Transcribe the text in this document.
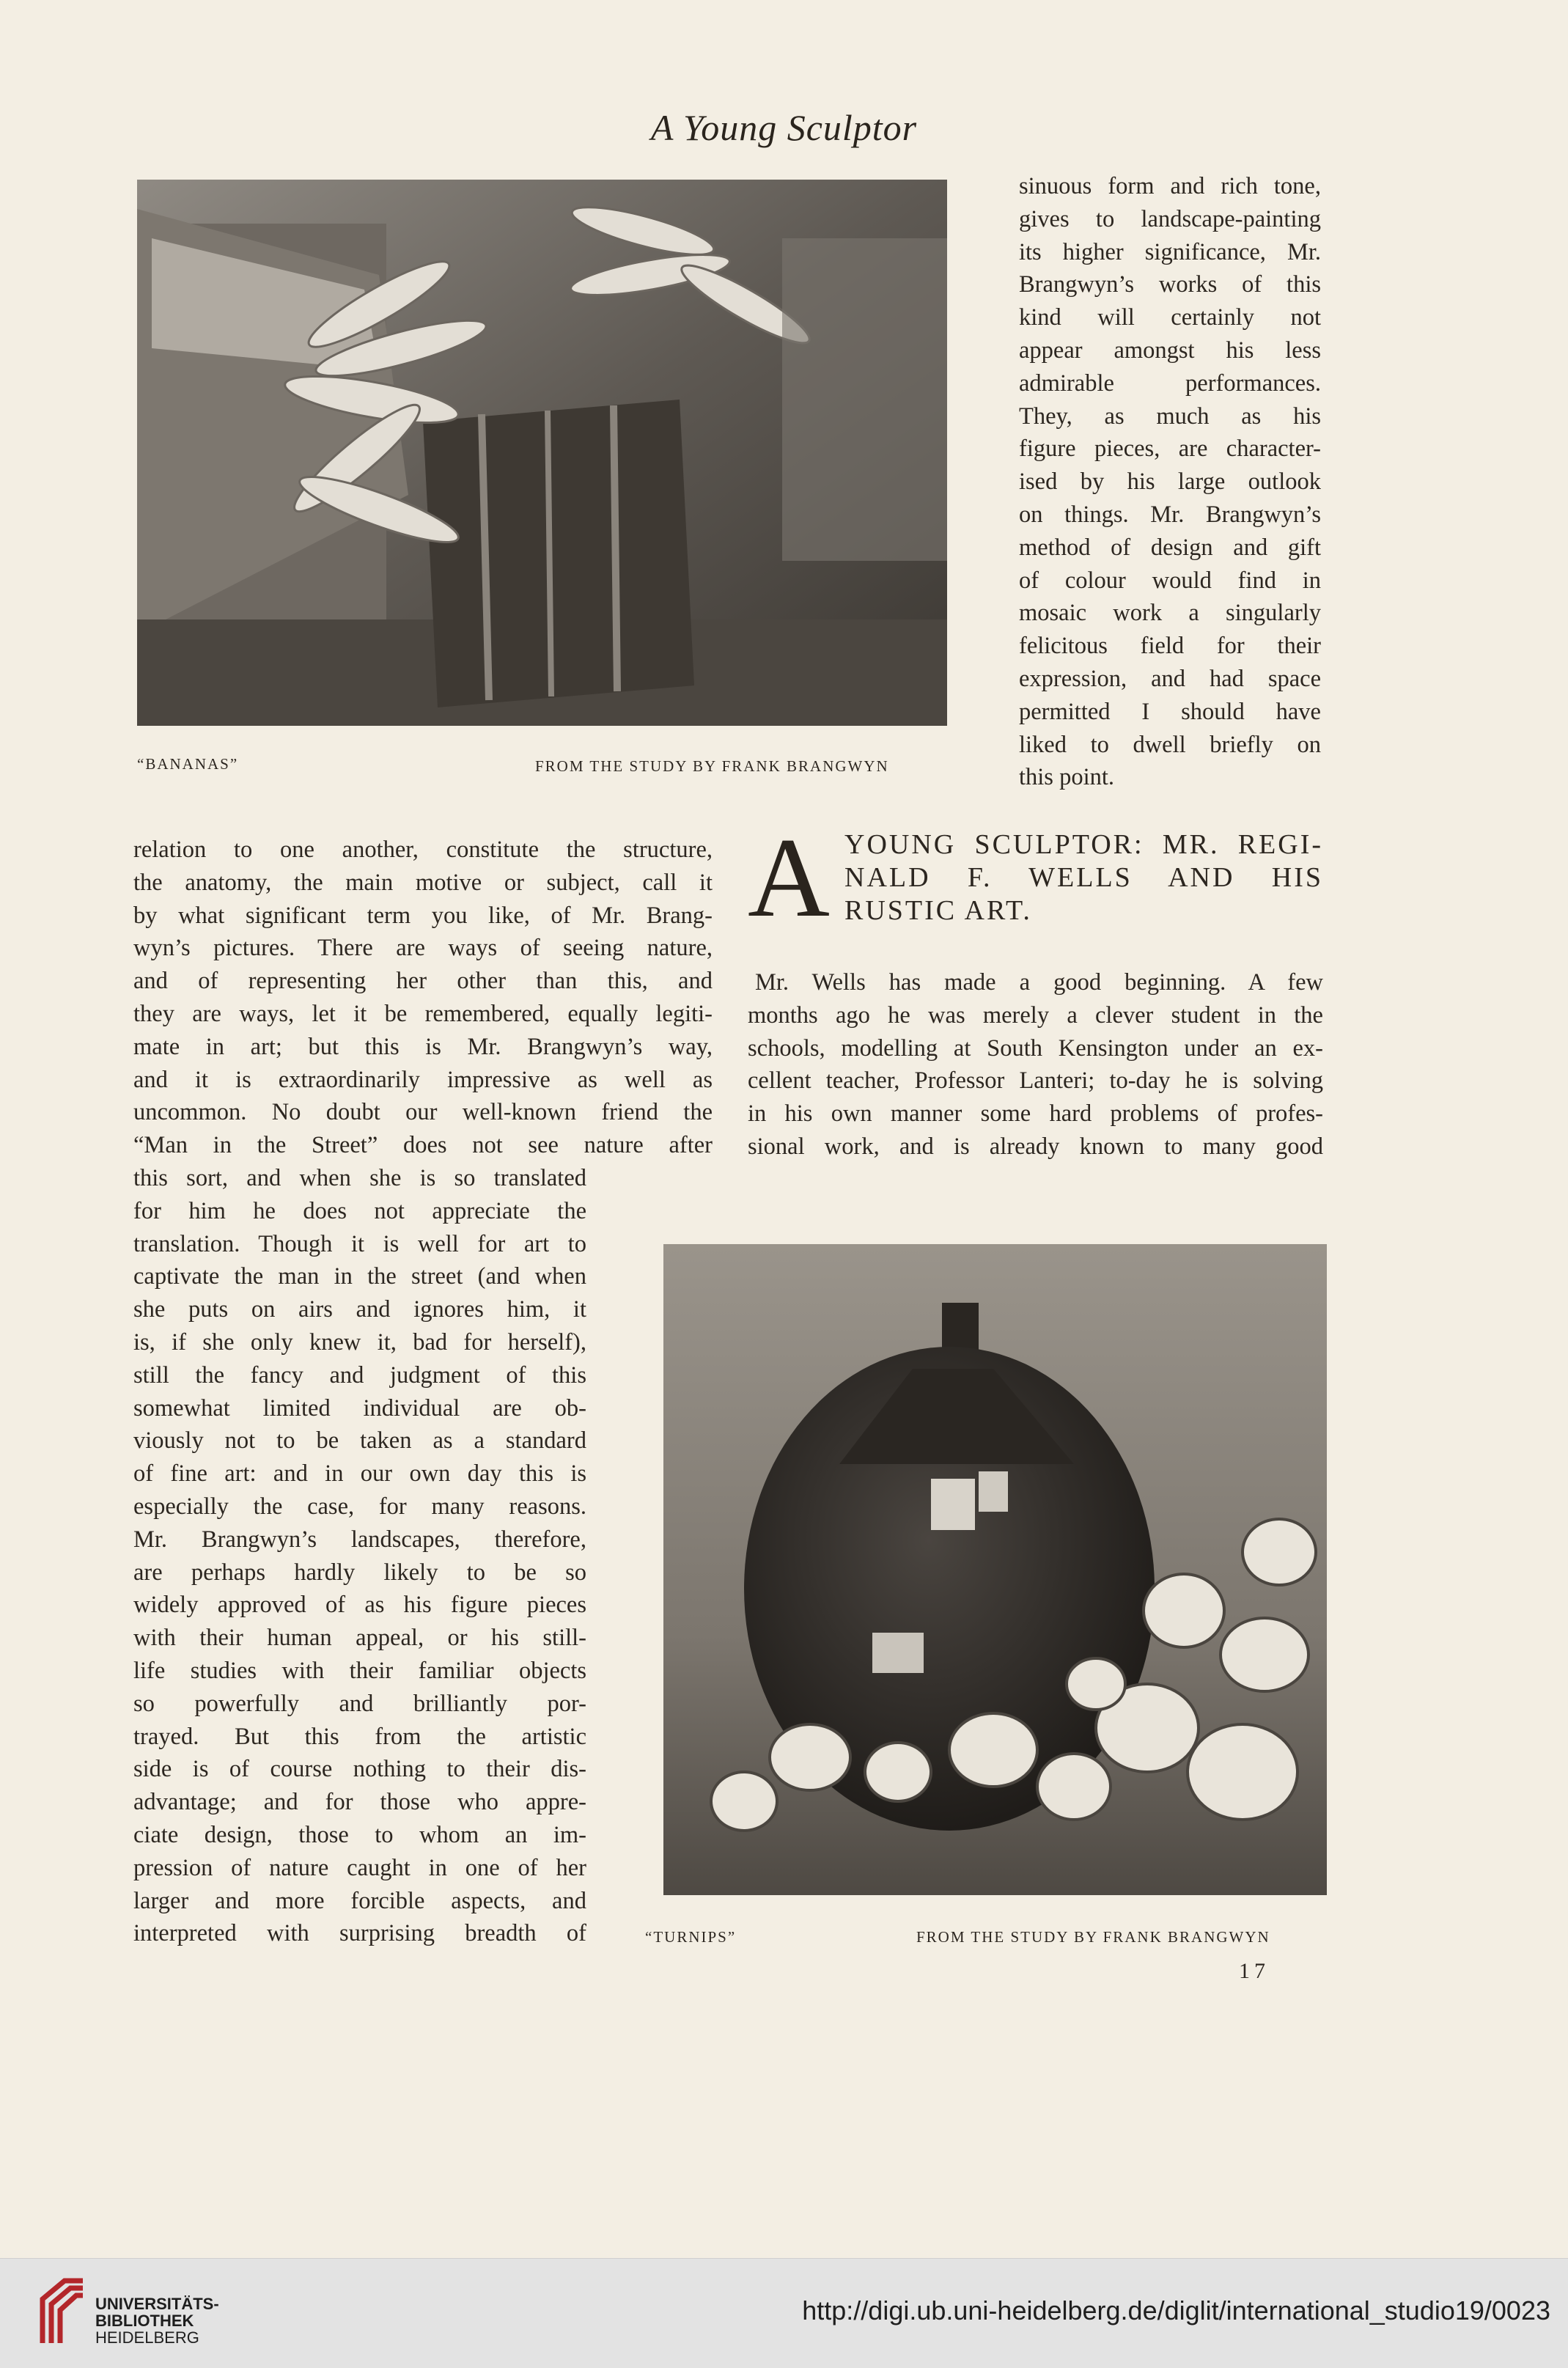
A Young Sculptor
“BANANAS”	FROM THE STUDY BY FRANK BRANGWYN
sinuous form and rich tone,
gives to landscape-painting
its higher significance, Mr.
Brangwyn’s works of this
kind will certainly not
appear amongst his less
admirable performances.
They, as much as his
figure pieces, are character-
ised by his large outlook
on things. Mr. Brangwyn’s
method of design and gift
of colour would find in
mosaic work a singularly
felicitous field for their
expression, and had space
permitted I should have
liked to dwell briefly on
this point.
relation to one another, constitute the structure,
the anatomy, the main motive or subject, call it
by what significant term you like, of Mr. Brang-
wyn’s pictures. There are ways of seeing nature,
and of representing her other than this, and
they are ways, let it be remembered, equally legiti-
mate in art; but this is Mr. Brangwyn’s way,
and it is extraordinarily impressive as well as
uncommon. No doubt our well-known friend the
“Man in the Street” does not see nature after
this sort, and when she is so translated
for him he does not appreciate the
translation. Though it is well for art to
captivate the man in the street (and when
she puts on airs and ignores him, it
is, if she only knew it, bad for herself),
still the fancy and judgment of this
somewhat limited individual are ob-
viously not to be taken as a standard
of fine art: and in our own day this is
especially the case, for many reasons.
Mr. Brangwyn’s landscapes, therefore,
are perhaps hardly likely to be so
widely approved of as his figure pieces
with their human appeal, or his still-
life studies with their familiar objects
so powerfully and brilliantly por-
trayed. But this from the artistic
side is of course nothing to their dis-
advantage; and for those who appre-
ciate design, those to whom an im-
pression of nature caught in one of her
larger and more forcible aspects, and
interpreted with surprising breadth of
A YOUNG SCULPTOR: MR. REGI-
NALD F. WELLS AND HIS
RUSTIC ART.
Mr. Wells has made a good beginning. A few
months ago he was merely a clever student in the
schools, modelling at South Kensington under an ex-
cellent teacher, Professor Lanteri; to-day he is solving
in his own manner some hard problems of profes-
sional work, and is already known to many good
“TURNIPS”	FROM THE STUDY BY FRANK BRANGWYN
17
UNIVERSITÄTS-
BIBLIOTHEK
HEIDELBERG
http://digi.ub.uni-heidelberg.de/diglit/international_studio19/0023
